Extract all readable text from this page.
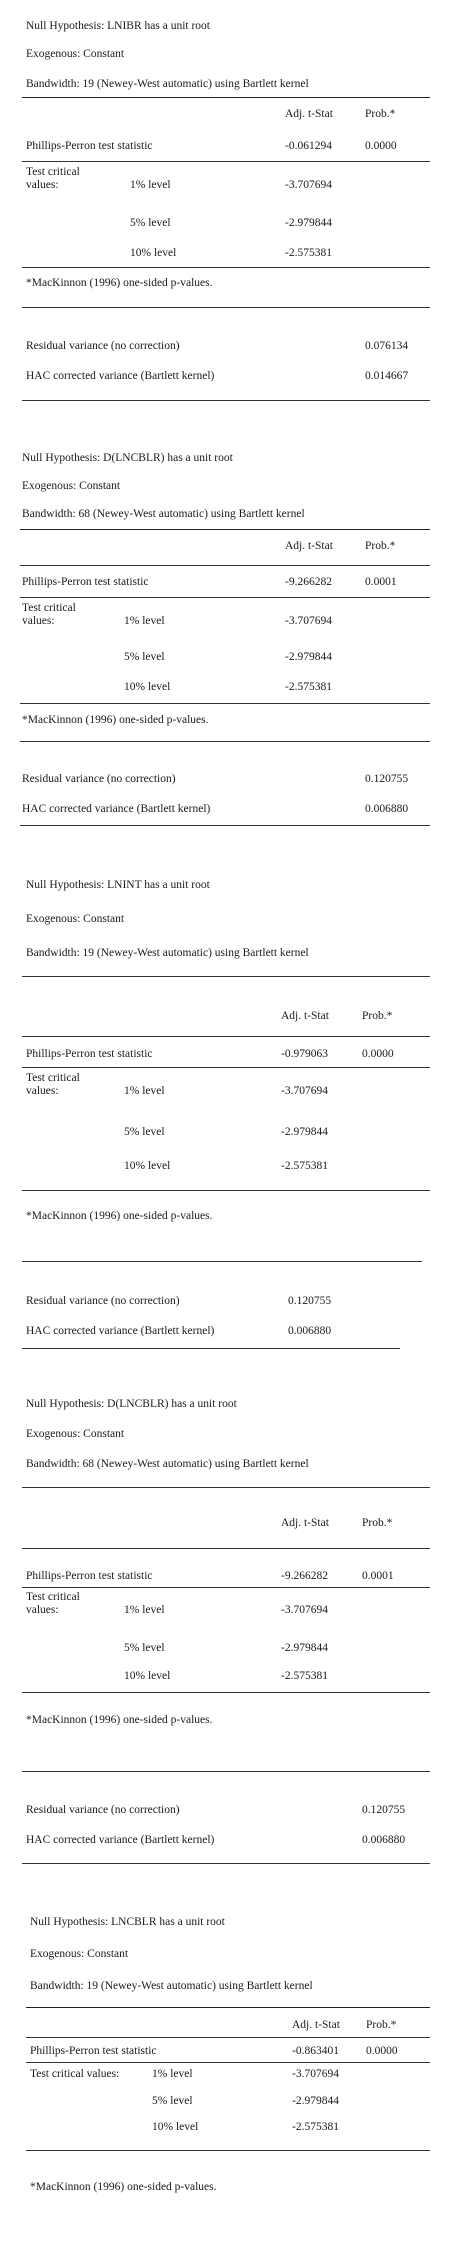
Null Hypothesis: LNIBR has a unit root
Exogenous: Constant
Bandwidth: 19 (Newey-West automatic) using Bartlett kernel
Adj. t-Stat	Prob.*
Phillips-Perron test statistic	-0.061294	0.0000
Test critical values:	1% level	-3.707694
5% level	-2.979844
10% level	-2.575381
*MacKinnon (1996) one-sided p-values.
Residual variance (no correction)	0.076134
HAC corrected variance (Bartlett kernel)	0.014667
Null Hypothesis: D(LNCBLR) has a unit root
Exogenous: Constant
Bandwidth: 68 (Newey-West automatic) using Bartlett kernel
Adj. t-Stat	Prob.*
Phillips-Perron test statistic	-9.266282	0.0001
Test critical values:	1% level	-3.707694
5% level	-2.979844
10% level	-2.575381
*MacKinnon (1996) one-sided p-values.
Residual variance (no correction)	0.120755
HAC corrected variance (Bartlett kernel)	0.006880
Null Hypothesis: LNINT has a unit root
Exogenous: Constant
Bandwidth: 19 (Newey-West automatic) using Bartlett kernel
Adj. t-Stat	Prob.*
Phillips-Perron test statistic	-0.979063	0.0000
Test critical values:	1% level	-3.707694
5% level	-2.979844
10% level	-2.575381
*MacKinnon (1996) one-sided p-values.
Residual variance (no correction)	0.120755
HAC corrected variance (Bartlett kernel)	0.006880
Null Hypothesis: D(LNCBLR) has a unit root
Exogenous: Constant
Bandwidth: 68 (Newey-West automatic) using Bartlett kernel
Adj. t-Stat	Prob.*
Phillips-Perron test statistic	-9.266282	0.0001
Test critical values:	1% level	-3.707694
5% level	-2.979844
10% level	-2.575381
*MacKinnon (1996) one-sided p-values.
Residual variance (no correction)	0.120755
HAC corrected variance (Bartlett kernel)	0.006880
Null Hypothesis: LNCBLR has a unit root
Exogenous: Constant
Bandwidth: 19 (Newey-West automatic) using Bartlett kernel
Adj. t-Stat Prob.*
Phillips-Perron test statistic	-0.863401 0.0000
Test critical values:	1% level	-3.707694
5% level	-2.979844
10% level	-2.575381
*MacKinnon (1996) one-sided p-values.
